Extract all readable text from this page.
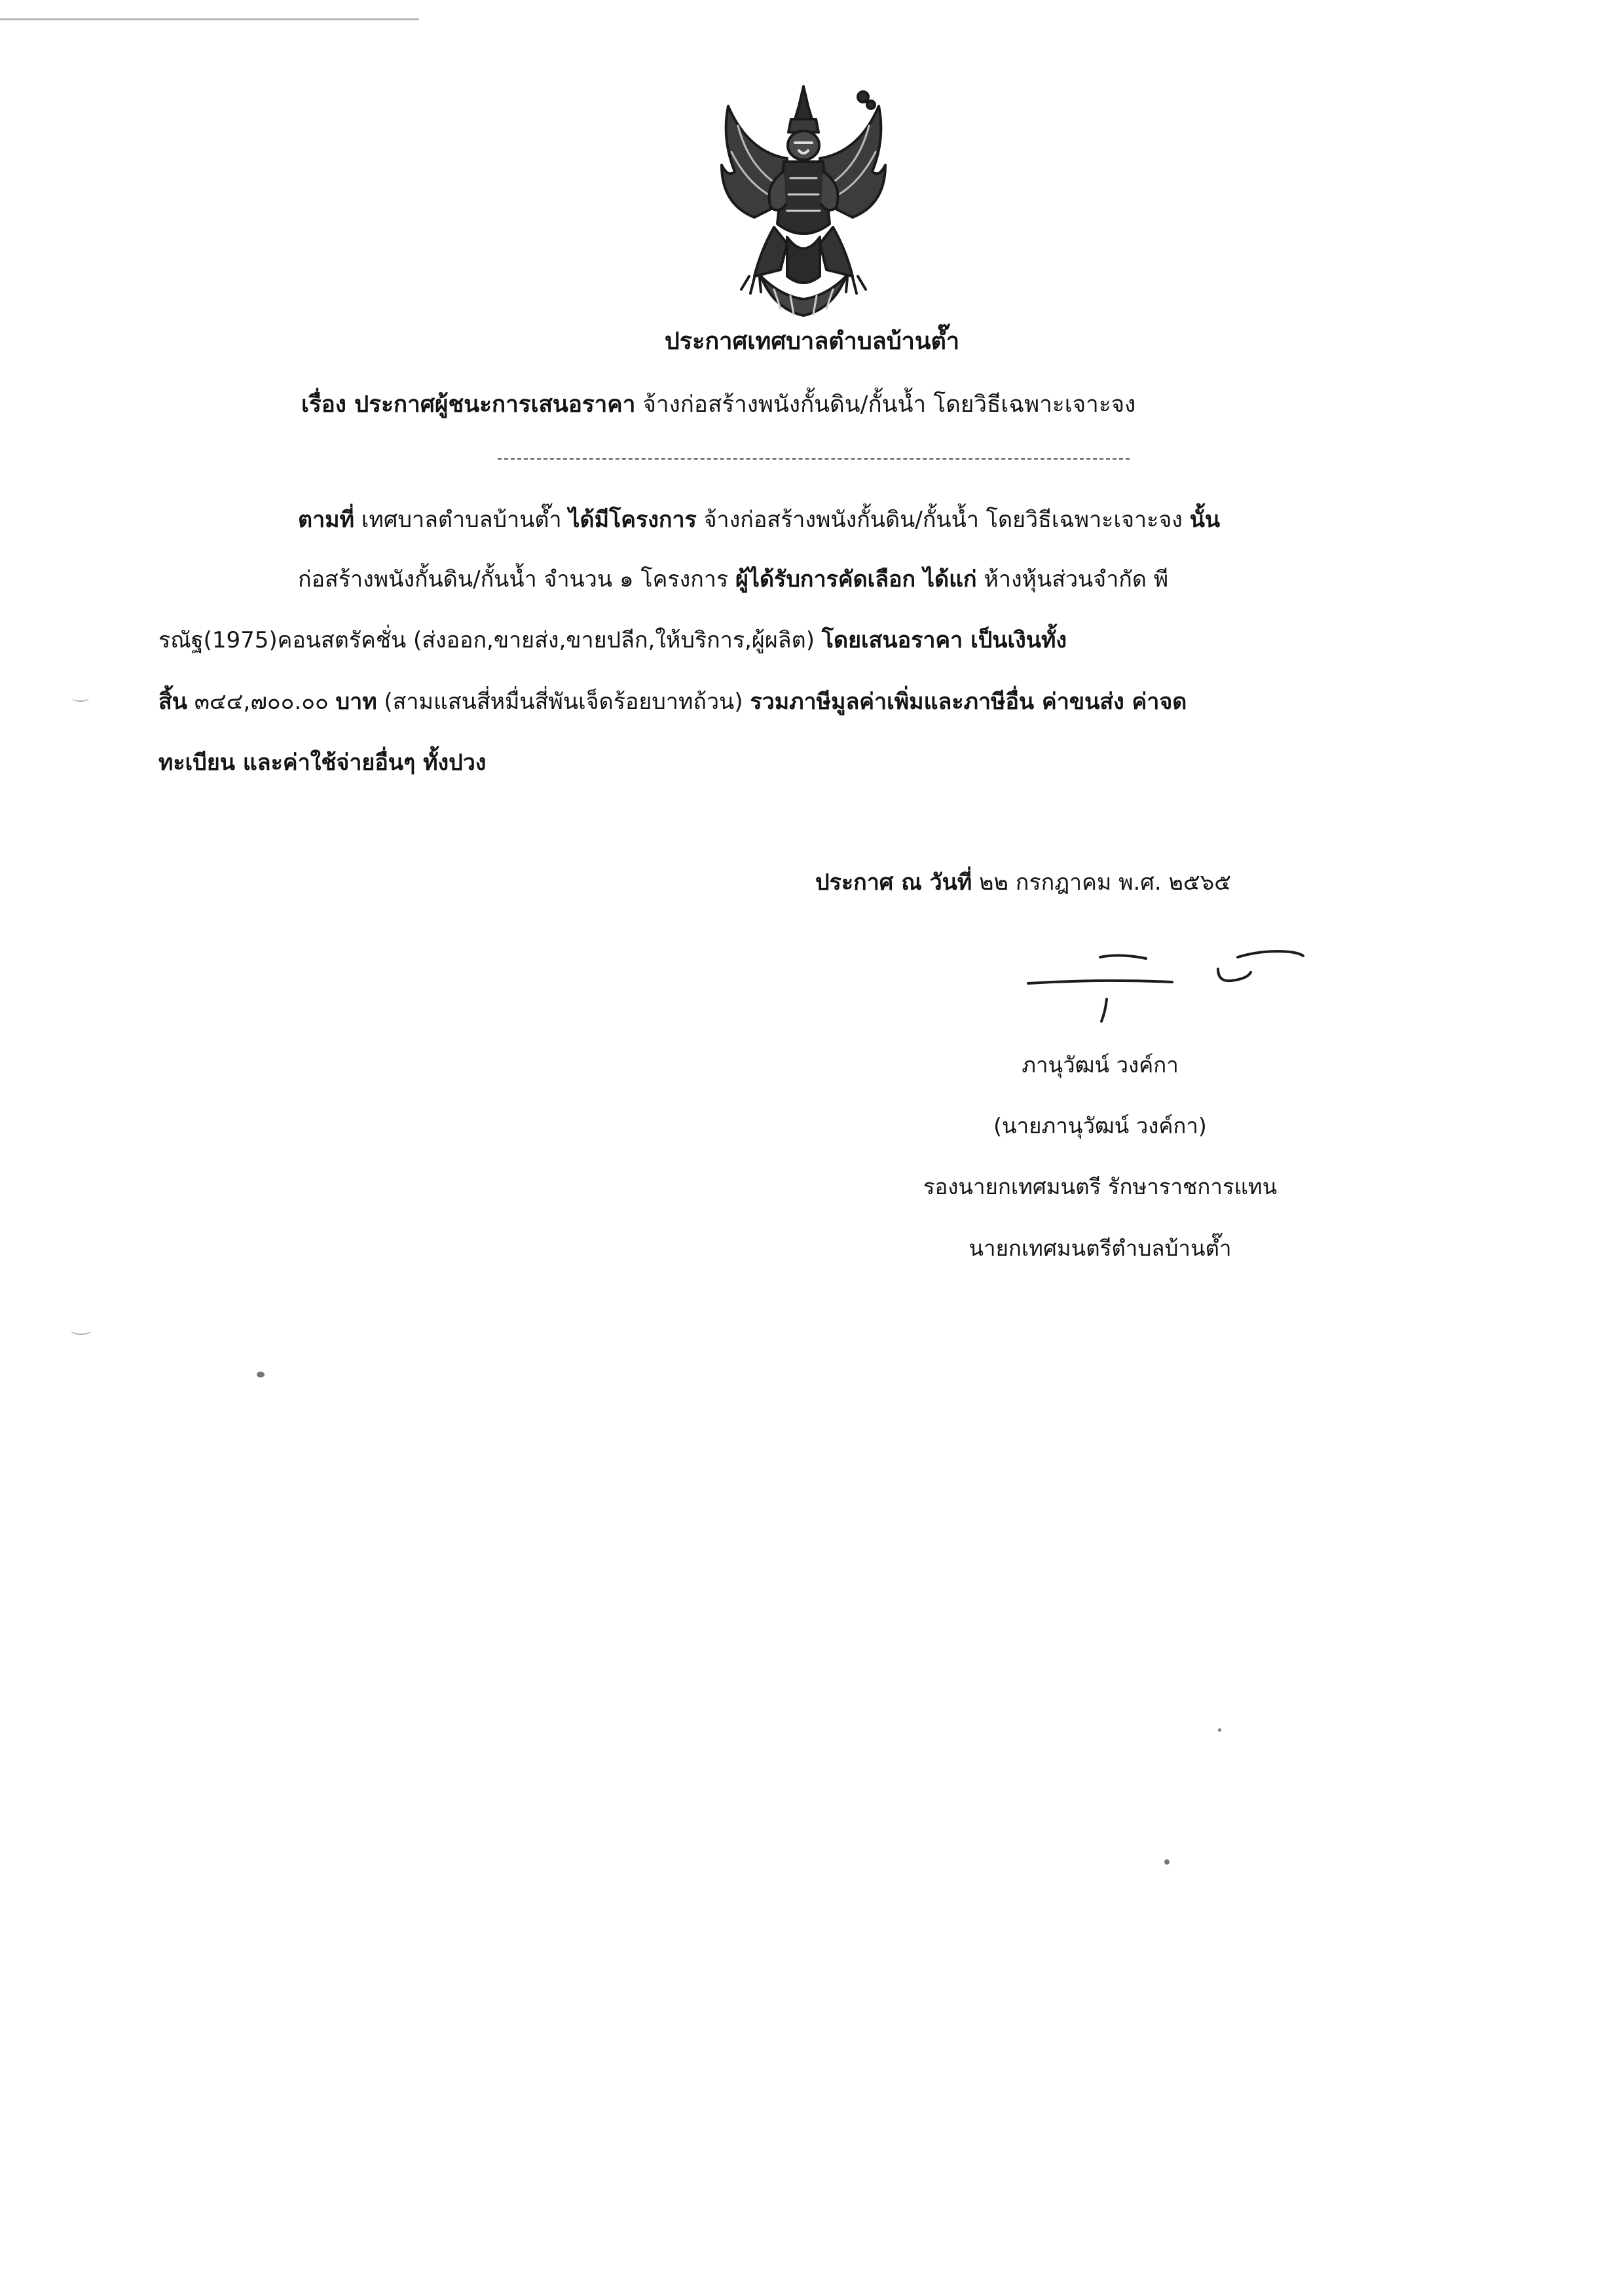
ประกาศเทศบาลตำบลบ้านต๊ำ
เรื่อง ประกาศผู้ชนะการเสนอราคา จ้างก่อสร้างพนังกั้นดิน/กั้นน้ำ โดยวิธีเฉพาะเจาะจง
ตามที่ เทศบาลตำบลบ้านต๊ำ ได้มีโครงการ จ้างก่อสร้างพนังกั้นดิน/กั้นน้ำ โดยวิธีเฉพาะเจาะจง นั้น
ก่อสร้างพนังกั้นดิน/กั้นน้ำ จำนวน ๑ โครงการ ผู้ได้รับการคัดเลือก ได้แก่ ห้างหุ้นส่วนจำกัด พี
รณัฐ(1975)คอนสตรัคชั่น (ส่งออก,ขายส่ง,ขายปลีก,ให้บริการ,ผู้ผลิต) โดยเสนอราคา เป็นเงินทั้ง
สิ้น ๓๔๔,๗๐๐.๐๐ บาท (สามแสนสี่หมื่นสี่พันเจ็ดร้อยบาทถ้วน) รวมภาษีมูลค่าเพิ่มและภาษีอื่น ค่าขนส่ง ค่าจด
ทะเบียน และค่าใช้จ่ายอื่นๆ ทั้งปวง
ประกาศ ณ วันที่ ๒๒ กรกฎาคม พ.ศ. ๒๕๖๕
ภานุวัฒน์ วงค์กา
(นายภานุวัฒน์ วงค์กา)
รองนายกเทศมนตรี รักษาราชการแทน
นายกเทศมนตรีตำบลบ้านต๊ำ
